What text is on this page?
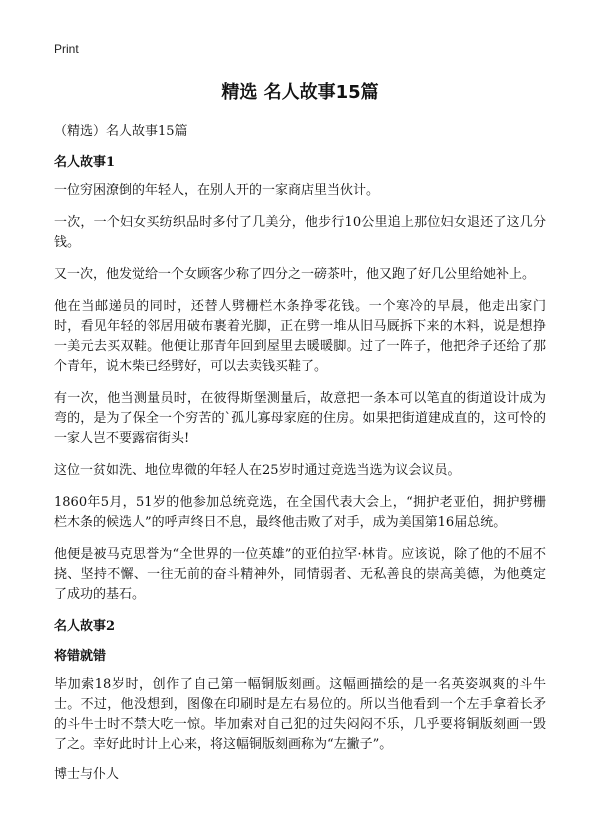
Print
精选 名人故事15篇
（精选）名人故事15篇
名人故事1

一位穷困潦倒的年轻人，在别人开的一家商店里当伙计。

一次，一个妇女买纺织品时多付了几美分，他步行10公里追上那位妇女退还了这几分钱。

又一次，他发觉给一个女顾客少称了四分之一磅茶叶，他又跑了好几公里给她补上。

他在当邮递员的同时，还替人劈栅栏木条挣零花钱。一个寒冷的早晨，他走出家门时，看见年轻的邻居用破布裹着光脚，正在劈一堆从旧马厩拆下来的木料，说是想挣一美元去买双鞋。他便让那青年回到屋里去暖暖脚。过了一阵子，他把斧子还给了那个青年，说木柴已经劈好，可以去卖钱买鞋了。

有一次，他当测量员时，在彼得斯堡测量后，故意把一条本可以笔直的街道设计成为弯的，是为了保全一个穷苦的`孤儿寡母家庭的住房。如果把街道建成直的，这可怜的一家人岂不要露宿街头!

这位一贫如洗、地位卑微的年轻人在25岁时通过竞选当选为议会议员。

1860年5月，51岁的他参加总统竞选，在全国代表大会上，“拥护老亚伯，拥护劈栅栏木条的候选人”的呼声终日不息，最终他击败了对手，成为美国第16届总统。

他便是被马克思誉为“全世界的一位英雄”的亚伯拉罕·林肯。应该说，除了他的不屈不挠、坚持不懈、一往无前的奋斗精神外，同情弱者、无私善良的崇高美德，为他奠定了成功的基石。

名人故事2
将错就错

毕加索18岁时，创作了自己第一幅铜版刻画。这幅画描绘的是一名英姿飒爽的斗牛士。不过，他没想到，图像在印刷时是左右易位的。所以当他看到一个左手拿着长矛的斗牛士时不禁大吃一惊。毕加索对自己犯的过失闷闷不乐，几乎要将铜版刻画一毁了之。幸好此时计上心来，将这幅铜版刻画称为“左撇子”。

博士与仆人
